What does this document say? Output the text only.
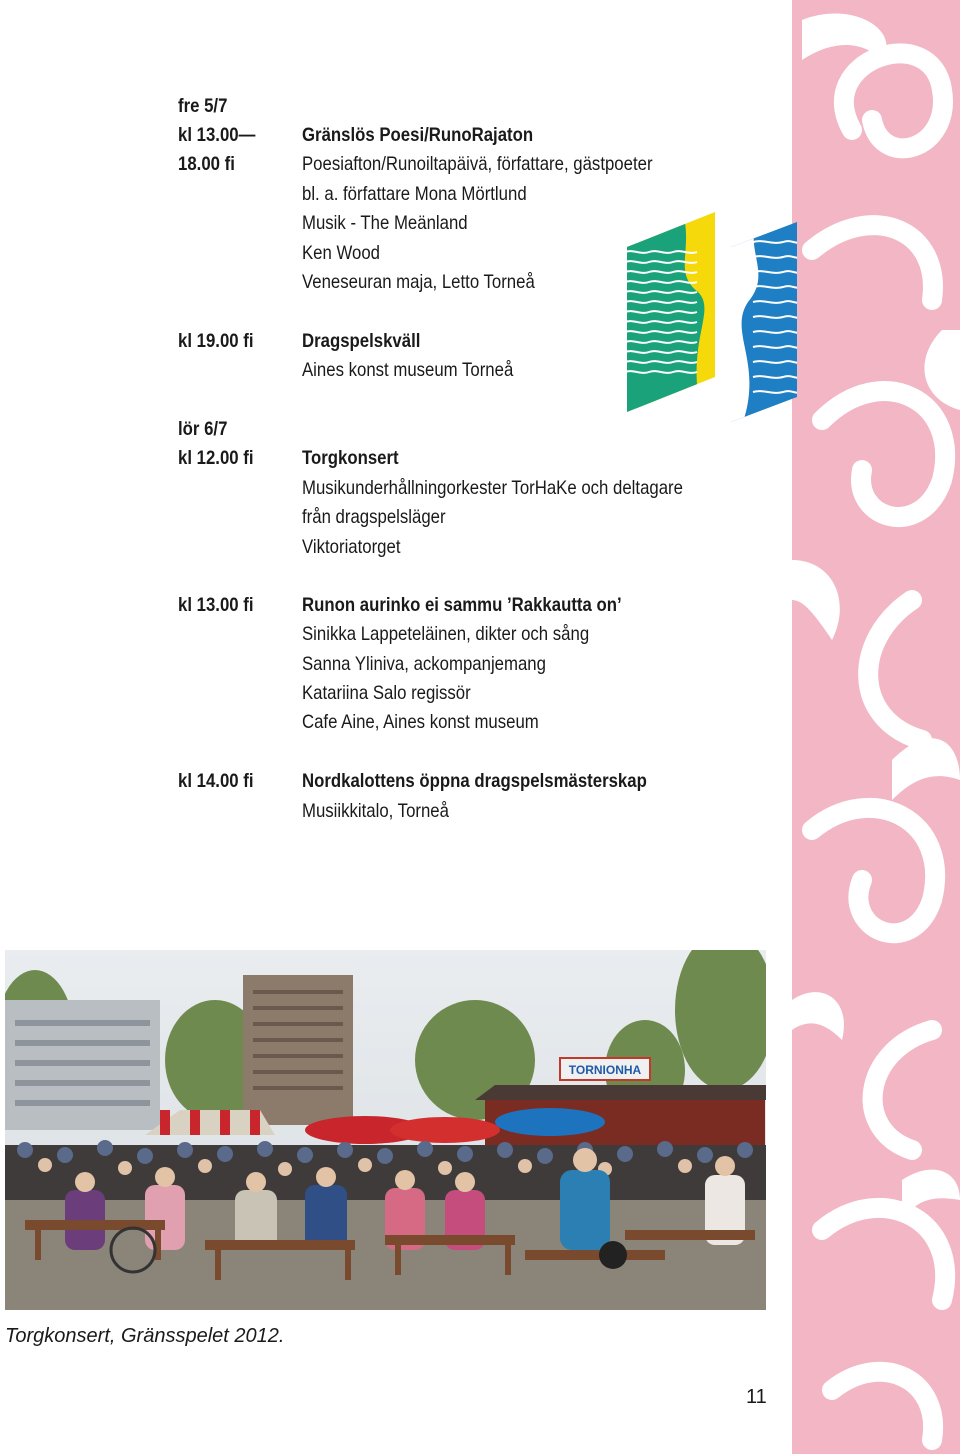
fre 5/7
kl 13.00—
18.00 fi
Gränslös Poesi/RunoRajaton
Poesiafton/Runoiltapäivä, författare, gästpoeter
bl. a. författare Mona Mörtlund
Musik - The Meänland
Ken Wood
Veneseuran maja, Letto Torneå
kl 19.00 fi Dragspelskväll
Aines konst museum Torneå
lör 6/7
kl 12.00 fi Torgkonsert
Musikunderhållningorkester TorHaKe och deltagare
från dragspelsläger
Viktoriatorget
kl 13.00 fi Runon aurinko ei sammu ’Rakkautta on’
Sinikka Lappeteläinen, dikter och sång
Sanna Yliniva, ackompanjemang
Katariina Salo regissör
Cafe Aine, Aines konst museum
kl 14.00 fi Nordkalottens öppna dragspelsmästerskap
Musiikkitalo, Torneå
TORNIONHA
Torgkonsert, Gränsspelet 2012.
11
